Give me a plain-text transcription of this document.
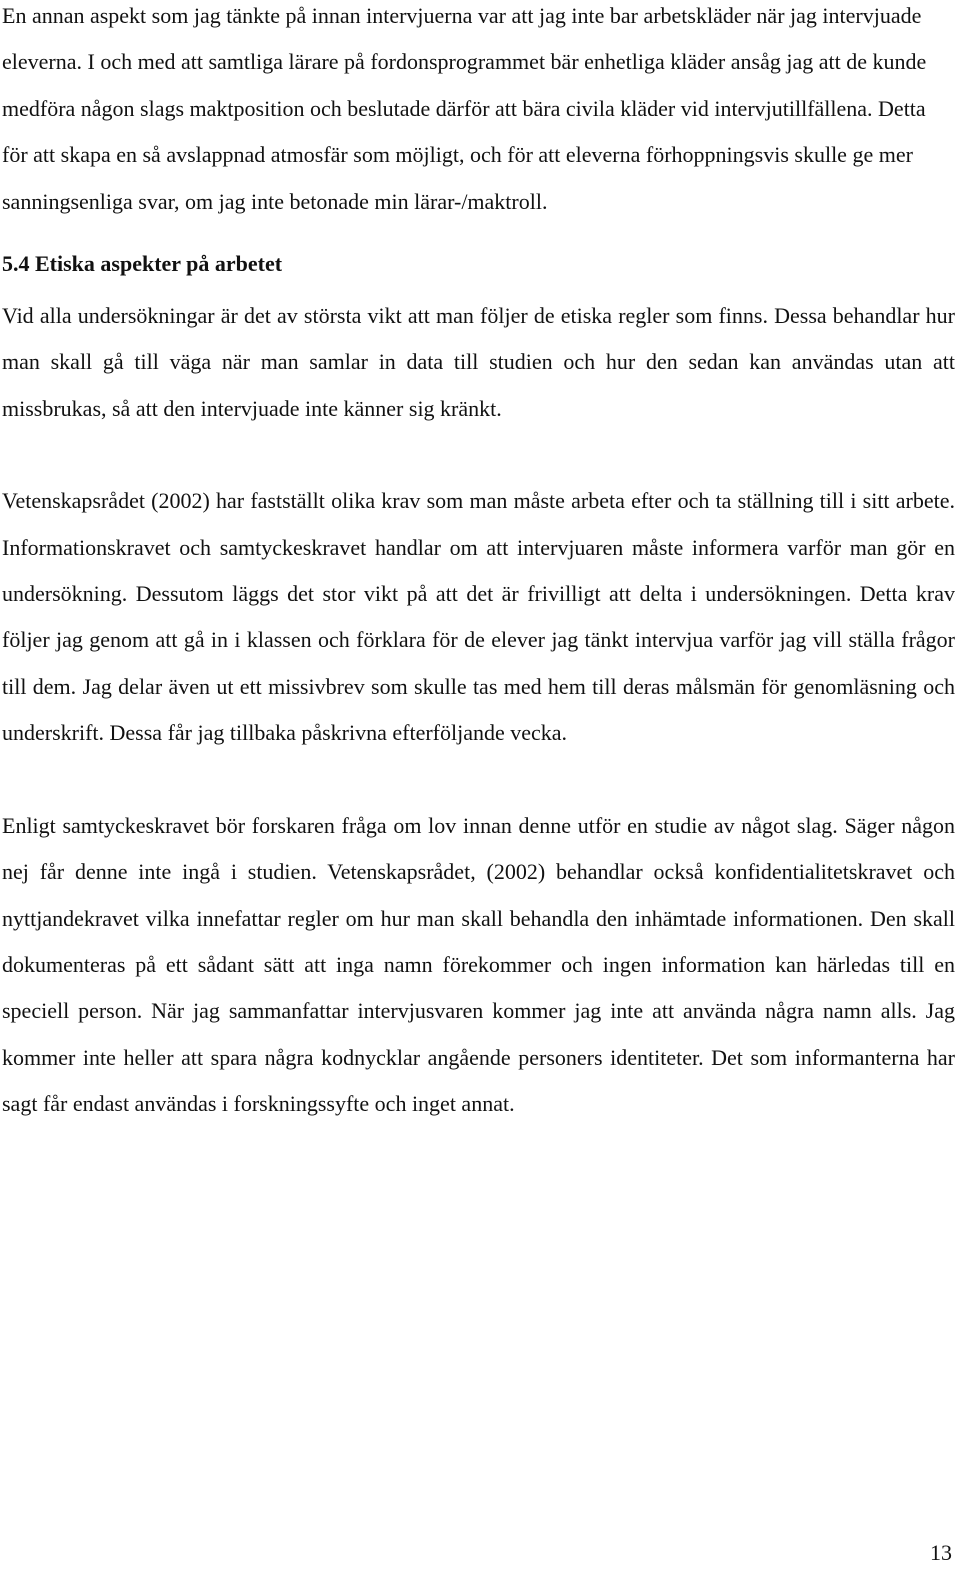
En annan aspekt som jag tänkte på innan intervjuerna var att jag inte bar arbetskläder när jag intervjuade eleverna. I och med att samtliga lärare på fordonsprogrammet bär enhetliga kläder ansåg jag att de kunde medföra någon slags maktposition och beslutade därför att bära civila kläder vid intervjutillfällena. Detta för att skapa en så avslappnad atmosfär som möjligt, och för att eleverna förhoppningsvis skulle ge mer sanningsenliga svar, om jag inte betonade min lärar-/maktroll.

5.4 Etiska aspekter på arbetet

Vid alla undersökningar är det av största vikt att man följer de etiska regler som finns. Dessa behandlar hur man skall gå till väga när man samlar in data till studien och hur den sedan kan användas utan att missbrukas, så att den intervjuade inte känner sig kränkt.

Vetenskapsrådet (2002) har fastställt olika krav som man måste arbeta efter och ta ställning till i sitt arbete. Informationskravet och samtyckeskravet handlar om att intervjuaren måste informera varför man gör en undersökning. Dessutom läggs det stor vikt på att det är frivilligt att delta i undersökningen. Detta krav följer jag genom att gå in i klassen och förklara för de elever jag tänkt intervjua varför jag vill ställa frågor till dem. Jag delar även ut ett missivbrev som skulle tas med hem till deras målsmän för genomläsning och underskrift. Dessa får jag tillbaka påskrivna efterföljande vecka.

Enligt samtyckeskravet bör forskaren fråga om lov innan denne utför en studie av något slag. Säger någon nej får denne inte ingå i studien. Vetenskapsrådet, (2002) behandlar också konfidentialitetskravet och nyttjandekravet vilka innefattar regler om hur man skall behandla den inhämtade informationen. Den skall dokumenteras på ett sådant sätt att inga namn förekommer och ingen information kan härledas till en speciell person. När jag sammanfattar intervjusvaren kommer jag inte att använda några namn alls. Jag kommer inte heller att spara några kodnycklar angående personers identiteter. Det som informanterna har sagt får endast användas i forskningssyfte och inget annat.

13
